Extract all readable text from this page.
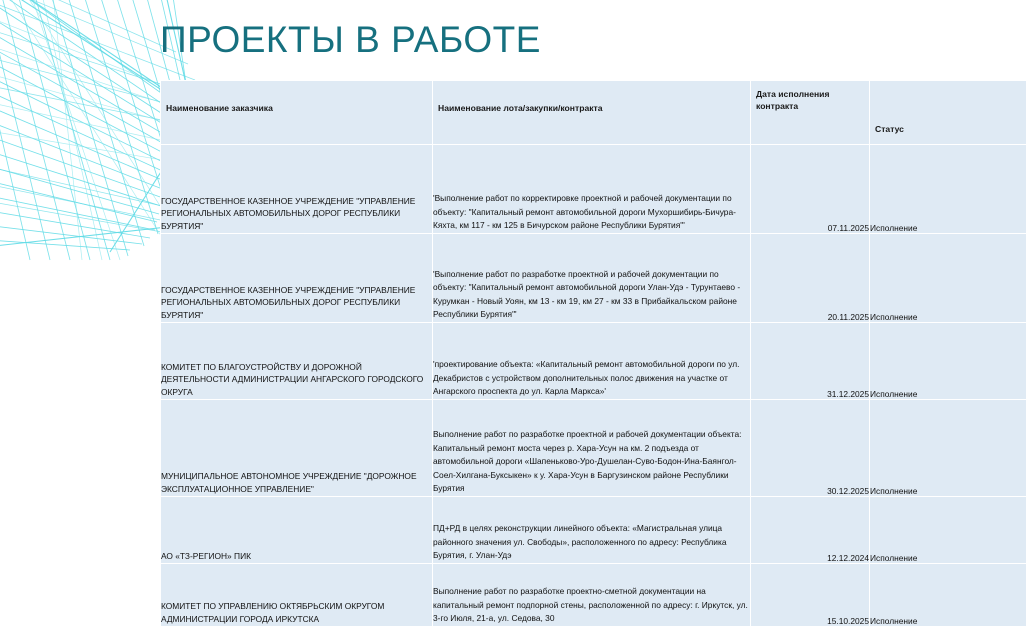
ПРОЕКТЫ В РАБОТЕ
Наименование заказчика	Наименование лота/закупки/контракта	Дата исполнения контракта	Статус
ГОСУДАРСТВЕННОЕ КАЗЕННОЕ УЧРЕЖДЕНИЕ "УПРАВЛЕНИЕ РЕГИОНАЛЬНЫХ АВТОМОБИЛЬНЫХ ДОРОГ РЕСПУБЛИКИ БУРЯТИЯ"	'Выполнение работ по корректировке проектной и рабочей документации по объекту: "Капитальный ремонт автомобильной дороги Мухоршибирь-Бичура-Кяхта, км 117 - км 125 в Бичурском районе Республики Бурятия"'	07.11.2025	Исполнение
ГОСУДАРСТВЕННОЕ КАЗЕННОЕ УЧРЕЖДЕНИЕ "УПРАВЛЕНИЕ РЕГИОНАЛЬНЫХ АВТОМОБИЛЬНЫХ ДОРОГ РЕСПУБЛИКИ БУРЯТИЯ"	'Выполнение работ по разработке проектной и рабочей документации по объекту: "Капитальный ремонт автомобильной дороги Улан-Удэ - Турунтаево - Курумкан - Новый Уоян, км 13 - км 19, км 27 - км 33 в Прибайкальском районе Республики Бурятия"'	20.11.2025	Исполнение
КОМИТЕТ ПО БЛАГОУСТРОЙСТВУ И ДОРОЖНОЙ ДЕЯТЕЛЬНОСТИ АДМИНИСТРАЦИИ АНГАРСКОГО ГОРОДСКОГО ОКРУГА	'проектирование объекта: «Капитальный ремонт автомобильной дороги по ул. Декабристов с устройством дополнительных полос движения на участке от Ангарского проспекта до ул. Карла Маркса»'	31.12.2025	Исполнение
МУНИЦИПАЛЬНОЕ АВТОНОМНОЕ УЧРЕЖДЕНИЕ "ДОРОЖНОЕ ЭКСПЛУАТАЦИОННОЕ УПРАВЛЕНИЕ"	Выполнение работ по разработке проектной и рабочей документации объекта: Капитальный ремонт моста через р. Хара-Усун на км. 2 подъезда от автомобильной дороги «Шапеньково-Уро-Душелан-Суво-Бодон-Ина-Баянгол-Соел-Хилгана-Буксыкен» к у. Хара-Усун в Баргузинском районе Республики Бурятия	30.12.2025	Исполнение
АО «ТЗ-РЕГИОН» ПИК	ПД+РД в целях реконструкции линейного объекта: «Магистральная улица районного значения ул. Свободы», расположенного по адресу: Республика Бурятия, г. Улан-Удэ	12.12.2024	Исполнение
КОМИТЕТ ПО УПРАВЛЕНИЮ ОКТЯБРЬСКИМ ОКРУГОМ АДМИНИСТРАЦИИ ГОРОДА ИРКУТСКА	Выполнение работ по разработке проектно-сметной документации на капитальный ремонт подпорной стены, расположенной по адресу: г. Иркутск, ул. 3-го Июля, 21-а, ул. Седова, 30	15.10.2025	Исполнение
